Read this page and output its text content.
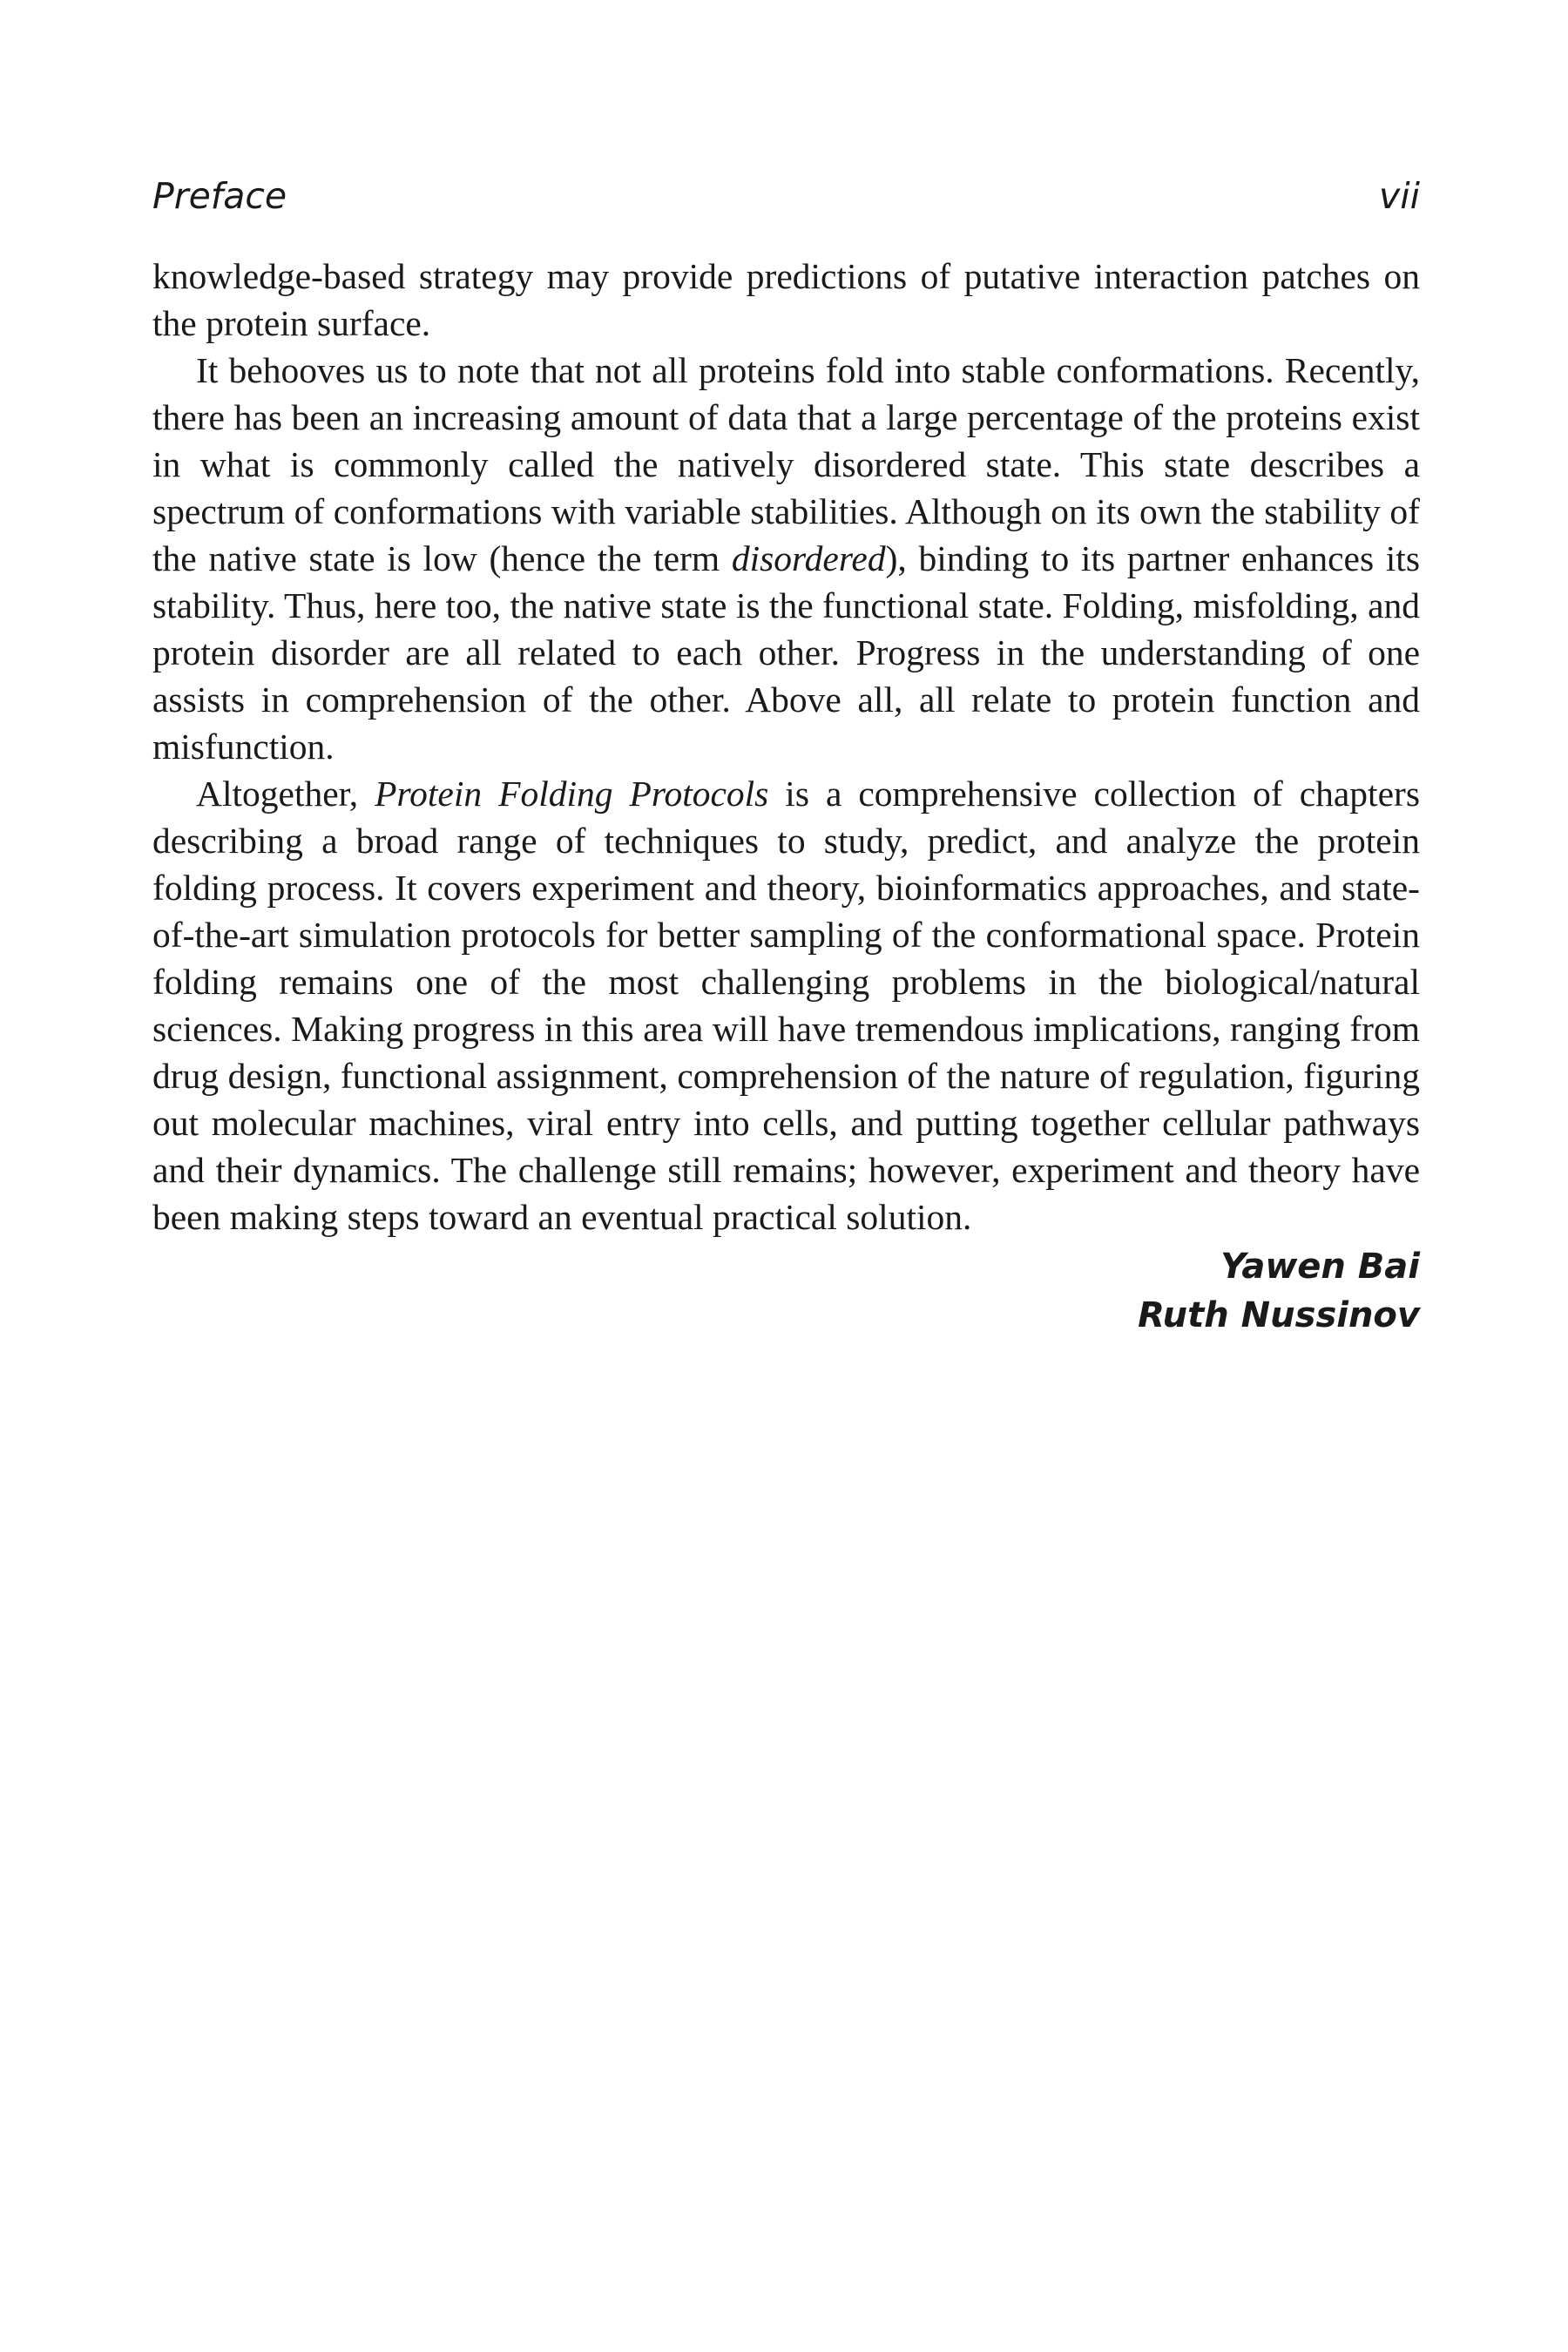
Preface	vii

knowledge-based strategy may provide predictions of putative interaction patches on the protein surface.

It behooves us to note that not all proteins fold into stable conformations. Recently, there has been an increasing amount of data that a large percentage of the proteins exist in what is commonly called the natively disordered state. This state describes a spectrum of conformations with variable stabilities. Although on its own the stability of the native state is low (hence the term disordered), binding to its partner enhances its stability. Thus, here too, the native state is the functional state. Folding, misfolding, and protein disorder are all related to each other. Progress in the understanding of one assists in comprehension of the other. Above all, all relate to protein function and misfunction.

Altogether, Protein Folding Protocols is a comprehensive collection of chapters describing a broad range of techniques to study, predict, and analyze the protein folding process. It covers experiment and theory, bioinformatics approaches, and state-of-the-art simulation protocols for better sampling of the conformational space. Protein folding remains one of the most challenging problems in the biological/natural sciences. Making progress in this area will have tremendous implications, ranging from drug design, functional assignment, comprehension of the nature of regulation, figuring out molecular machines, viral entry into cells, and putting together cellular pathways and their dynamics. The challenge still remains; however, experiment and theory have been making steps toward an eventual practical solution.

Yawen Bai
Ruth Nussinov
